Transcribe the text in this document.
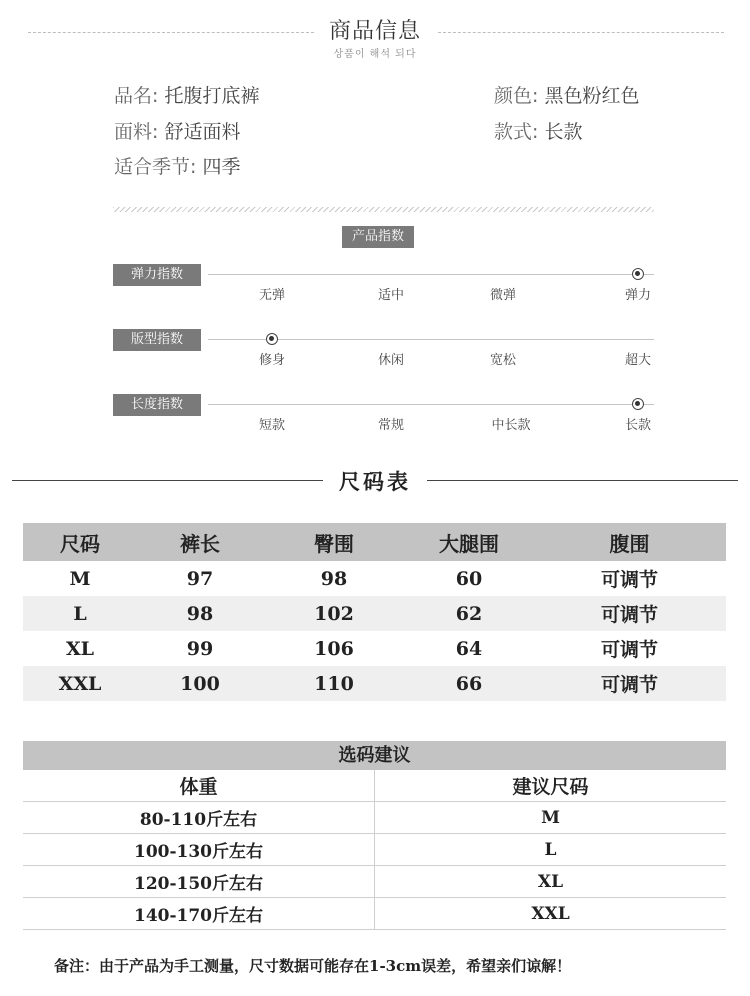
商品信息
상품이 해석 되다
品名: 托腹打底裤	颜色: 黑色粉红色
面料: 舒适面料	款式: 长款
适合季节: 四季
产品指数
弹力指数
无弹	适中	微弹	弹力
版型指数
修身	休闲	宽松	超大
长度指数
短款	常规	中长款	长款
尺码表
尺码	裤长	臀围	大腿围	腹围
M	97	98	60	可调节
L	98	102	62	可调节
XL	99	106	64	可调节
XXL	100	110	66	可调节
选码建议
体重	建议尺码
80-110斤左右	M
100-130斤左右	L
120-150斤左右	XL
140-170斤左右	XXL
备注：由于产品为手工测量，尺寸数据可能存在1-3cm误差，希望亲们谅解！
